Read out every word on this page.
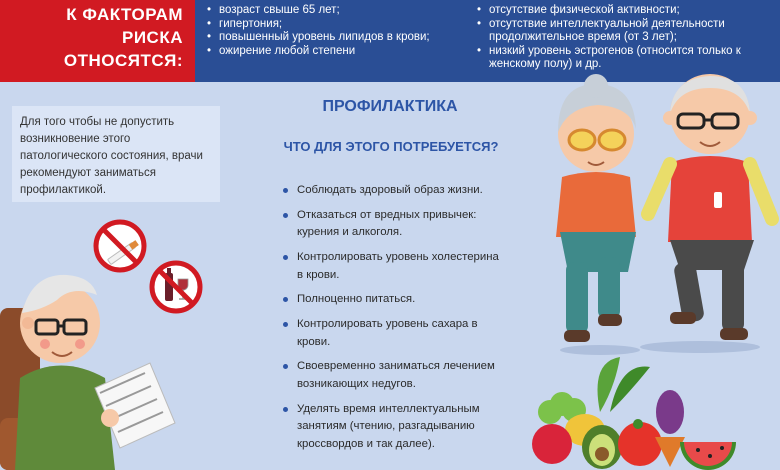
К ФАКТОРАМ
РИСКА
ОТНОСЯТСЯ:
• возраст свыше 65 лет;
• гипертония;
• повышенный уровень липидов в крови;
• ожирение любой степени
• отсутствие физической активности;
• отсутствие интеллектуальной деятельности продолжительное время (от 3 лет);
• низкий уровень эстрогенов (относится только к женскому полу) и др.
Для того чтобы не допустить возникновение этого патологического состояния, врачи рекомендуют заниматься профилактикой.
ПРОФИЛАКТИКА
ЧТО ДЛЯ ЭТОГО ПОТРЕБУЕТСЯ?
Соблюдать здоровый образ жизни.
Отказаться от вредных привычек: курения и алкоголя.
Контролировать уровень холестерина в крови.
Полноценно питаться.
Контролировать уровень сахара в крови.
Своевременно заниматься лечением возникающих недугов.
Уделять время интеллектуальным занятиям (чтению, разгадыванию кроссвордов и так далее).
